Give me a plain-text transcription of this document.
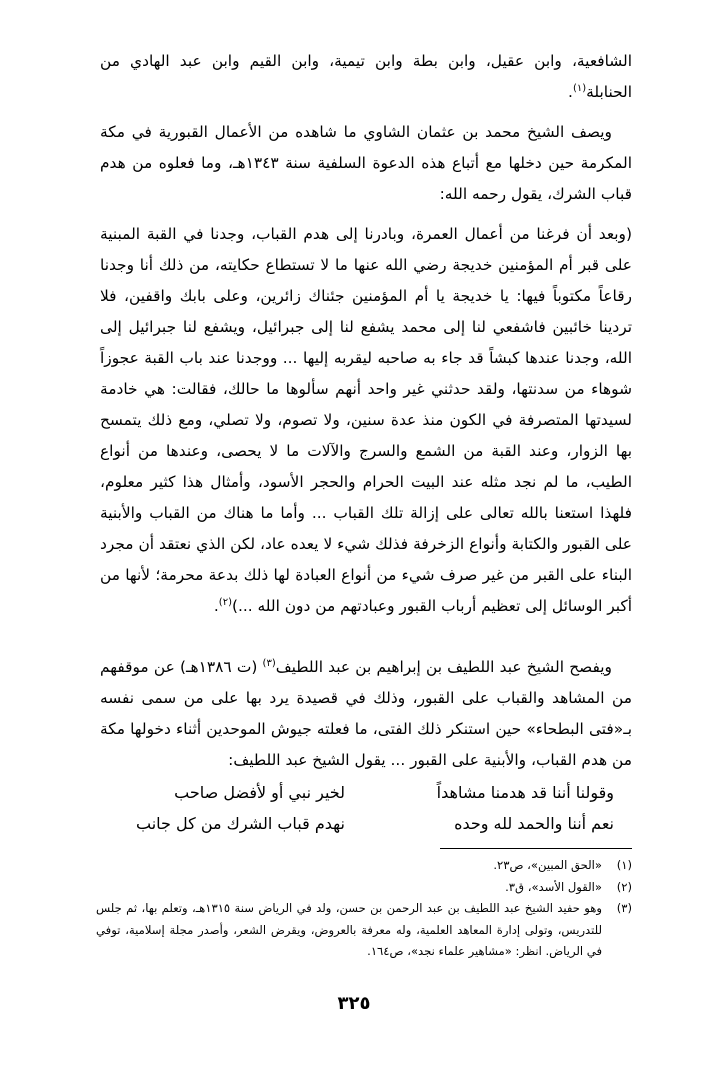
الشافعية، وابن عقيل، وابن بطة وابن تيمية، وابن القيم وابن عبد الهادي من الحنابلة$^{(١)}$.

ويصف الشيخ محمد بن عثمان الشاوي ما شاهده من الأعمال القبورية في مكة المكرمة حين دخلها مع أتباع هذه الدعوة السلفية سنة ١٣٤٣هـ، وما فعلوه من هدم قباب الشرك، يقول رحمه الله:

(وبعد أن فرغنا من أعمال العمرة، وبادرنا إلى هدم القباب، وجدنا في القبة المبنية على قبر أم المؤمنين خديجة رضي الله عنها ما لا تستطاع حكايته، من ذلك أنا وجدنا رقاعاً مكتوباً فيها: يا خديجة يا أم المؤمنين جئناك زائرين، وعلى بابك واقفين، فلا تردينا خائبين فاشفعي لنا إلى محمد يشفع لنا إلى جبرائيل، ويشفع لنا جبرائيل إلى الله، وجدنا عندها كبشاً قد جاء به صاحبه ليقربه إليها ... ووجدنا عند باب القبة عجوزاً شوهاء من سدنتها، ولقد حدثني غير واحد أنهم سألوها ما حالك، فقالت: هي خادمة لسيدتها المتصرفة في الكون منذ عدة سنين، ولا تصوم، ولا تصلي، ومع ذلك يتمسح بها الزوار، وعند القبة من الشمع والسرج والآلات ما لا يحصى، وعندها من أنواع الطيب، ما لم نجد مثله عند البيت الحرام والحجر الأسود، وأمثال هذا كثير معلوم، فلهذا استعنا بالله تعالى على إزالة تلك القباب ... وأما ما هناك من القباب والأبنية على القبور والكتابة وأنواع الزخرفة فذلك شيء لا يعده عاد، لكن الذي نعتقد أن مجرد البناء على القبر من غير صرف شيء من أنواع العبادة لها ذلك بدعة محرمة؛ لأنها من أكبر الوسائل إلى تعظيم أرباب القبور وعبادتهم من دون الله ...)$^{(٢)}$.

ويفصح الشيخ عبد اللطيف بن إبراهيم بن عبد اللطيف$^{(٣)}$ (ت ١٣٨٦هـ) عن موقفهم من المشاهد والقباب على القبور، وذلك في قصيدة يرد بها على من سمى نفسه بـ«فتى البطحاء» حين استنكر ذلك الفتى، ما فعلته جيوش الموحدين أثناء دخولها مكة من هدم القباب، والأبنية على القبور ... يقول الشيخ عبد اللطيف:

وقولنا أننا قد هدمنا مشاهداً
لخير نبي أو لأفضل صاحب
نعم أننا والحمد لله وحده
نهدم قباب الشرك من كل جانب
(١)
«الحق المبين»، ص٢٣.
(٢)
«القول الأسد»، ق٣.
(٣)
وهو حفيد الشيخ عبد اللطيف بن عبد الرحمن بن حسن، ولد في الرياض سنة ١٣١٥هـ، وتعلم بها، ثم جلس للتدريس، وتولى إدارة المعاهد العلمية، وله معرفة بالعروض، ويقرض الشعر، وأصدر مجلة إسلامية، توفي في الرياض. انظر: «مشاهير علماء نجد»، ص١٦٤.
٣٢٥
